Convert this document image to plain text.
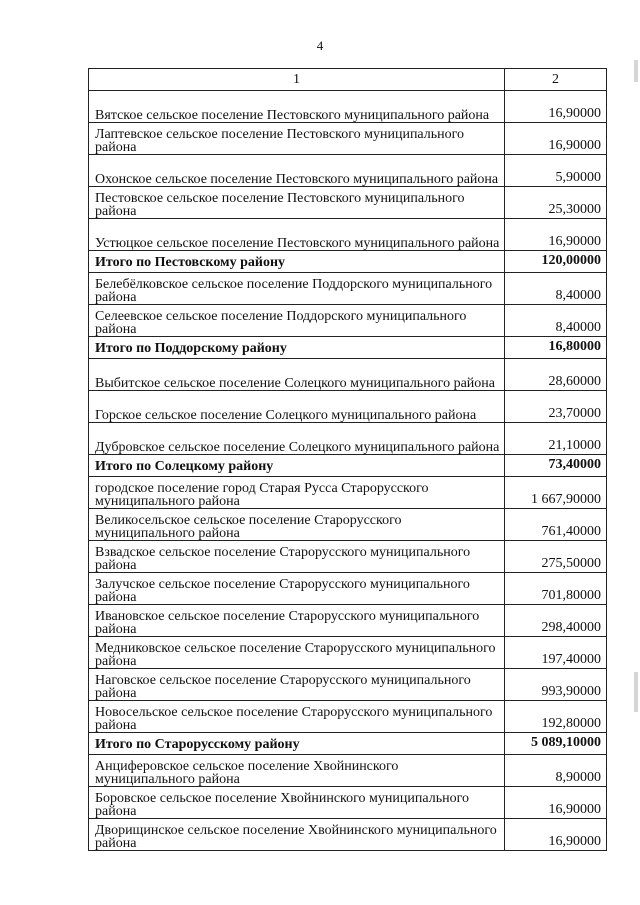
4
1	2

Вятское сельское поселение Пестовского муниципального района	16,90000

Лаптевское сельское поселение Пестовского муниципального района	16,90000

Охонское сельское поселение Пестовского муниципального района	5,90000

Пестовское сельское поселение Пестовского муниципального района	25,30000

Устюцкое сельское поселение Пестовского муниципального района	16,90000

Итого по Пестовскому району	120,00000

Белебёлковское сельское поселение Поддорского муниципального района	8,40000

Селеевское сельское поселение Поддорского муниципального района	8,40000

Итого по Поддорскому району	16,80000

Выбитское сельское поселение Солецкого муниципального района	28,60000

Горское сельское поселение Солецкого муниципального района	23,70000

Дубровское сельское поселение Солецкого муниципального района	21,10000

Итого по Солецкому району	73,40000

городское поселение город Старая Русса Старорусского муниципального района	1 667,90000

Великосельское сельское поселение Старорусского муниципального района	761,40000

Взвадское сельское поселение Старорусского муниципального района	275,50000

Залучское сельское поселение Старорусского муниципального района	701,80000

Ивановское сельское поселение Старорусского муниципального района	298,40000

Медниковское сельское поселение Старорусского муниципального района	197,40000

Наговское сельское поселение Старорусского муниципального района	993,90000

Новосельское сельское поселение Старорусского муниципального района	192,80000

Итого по Старорусскому району	5 089,10000

Анциферовское сельское поселение Хвойнинского муниципального района	8,90000

Боровское сельское поселение Хвойнинского муниципального района	16,90000

Дворищинское сельское поселение Хвойнинского муниципального района	16,90000
